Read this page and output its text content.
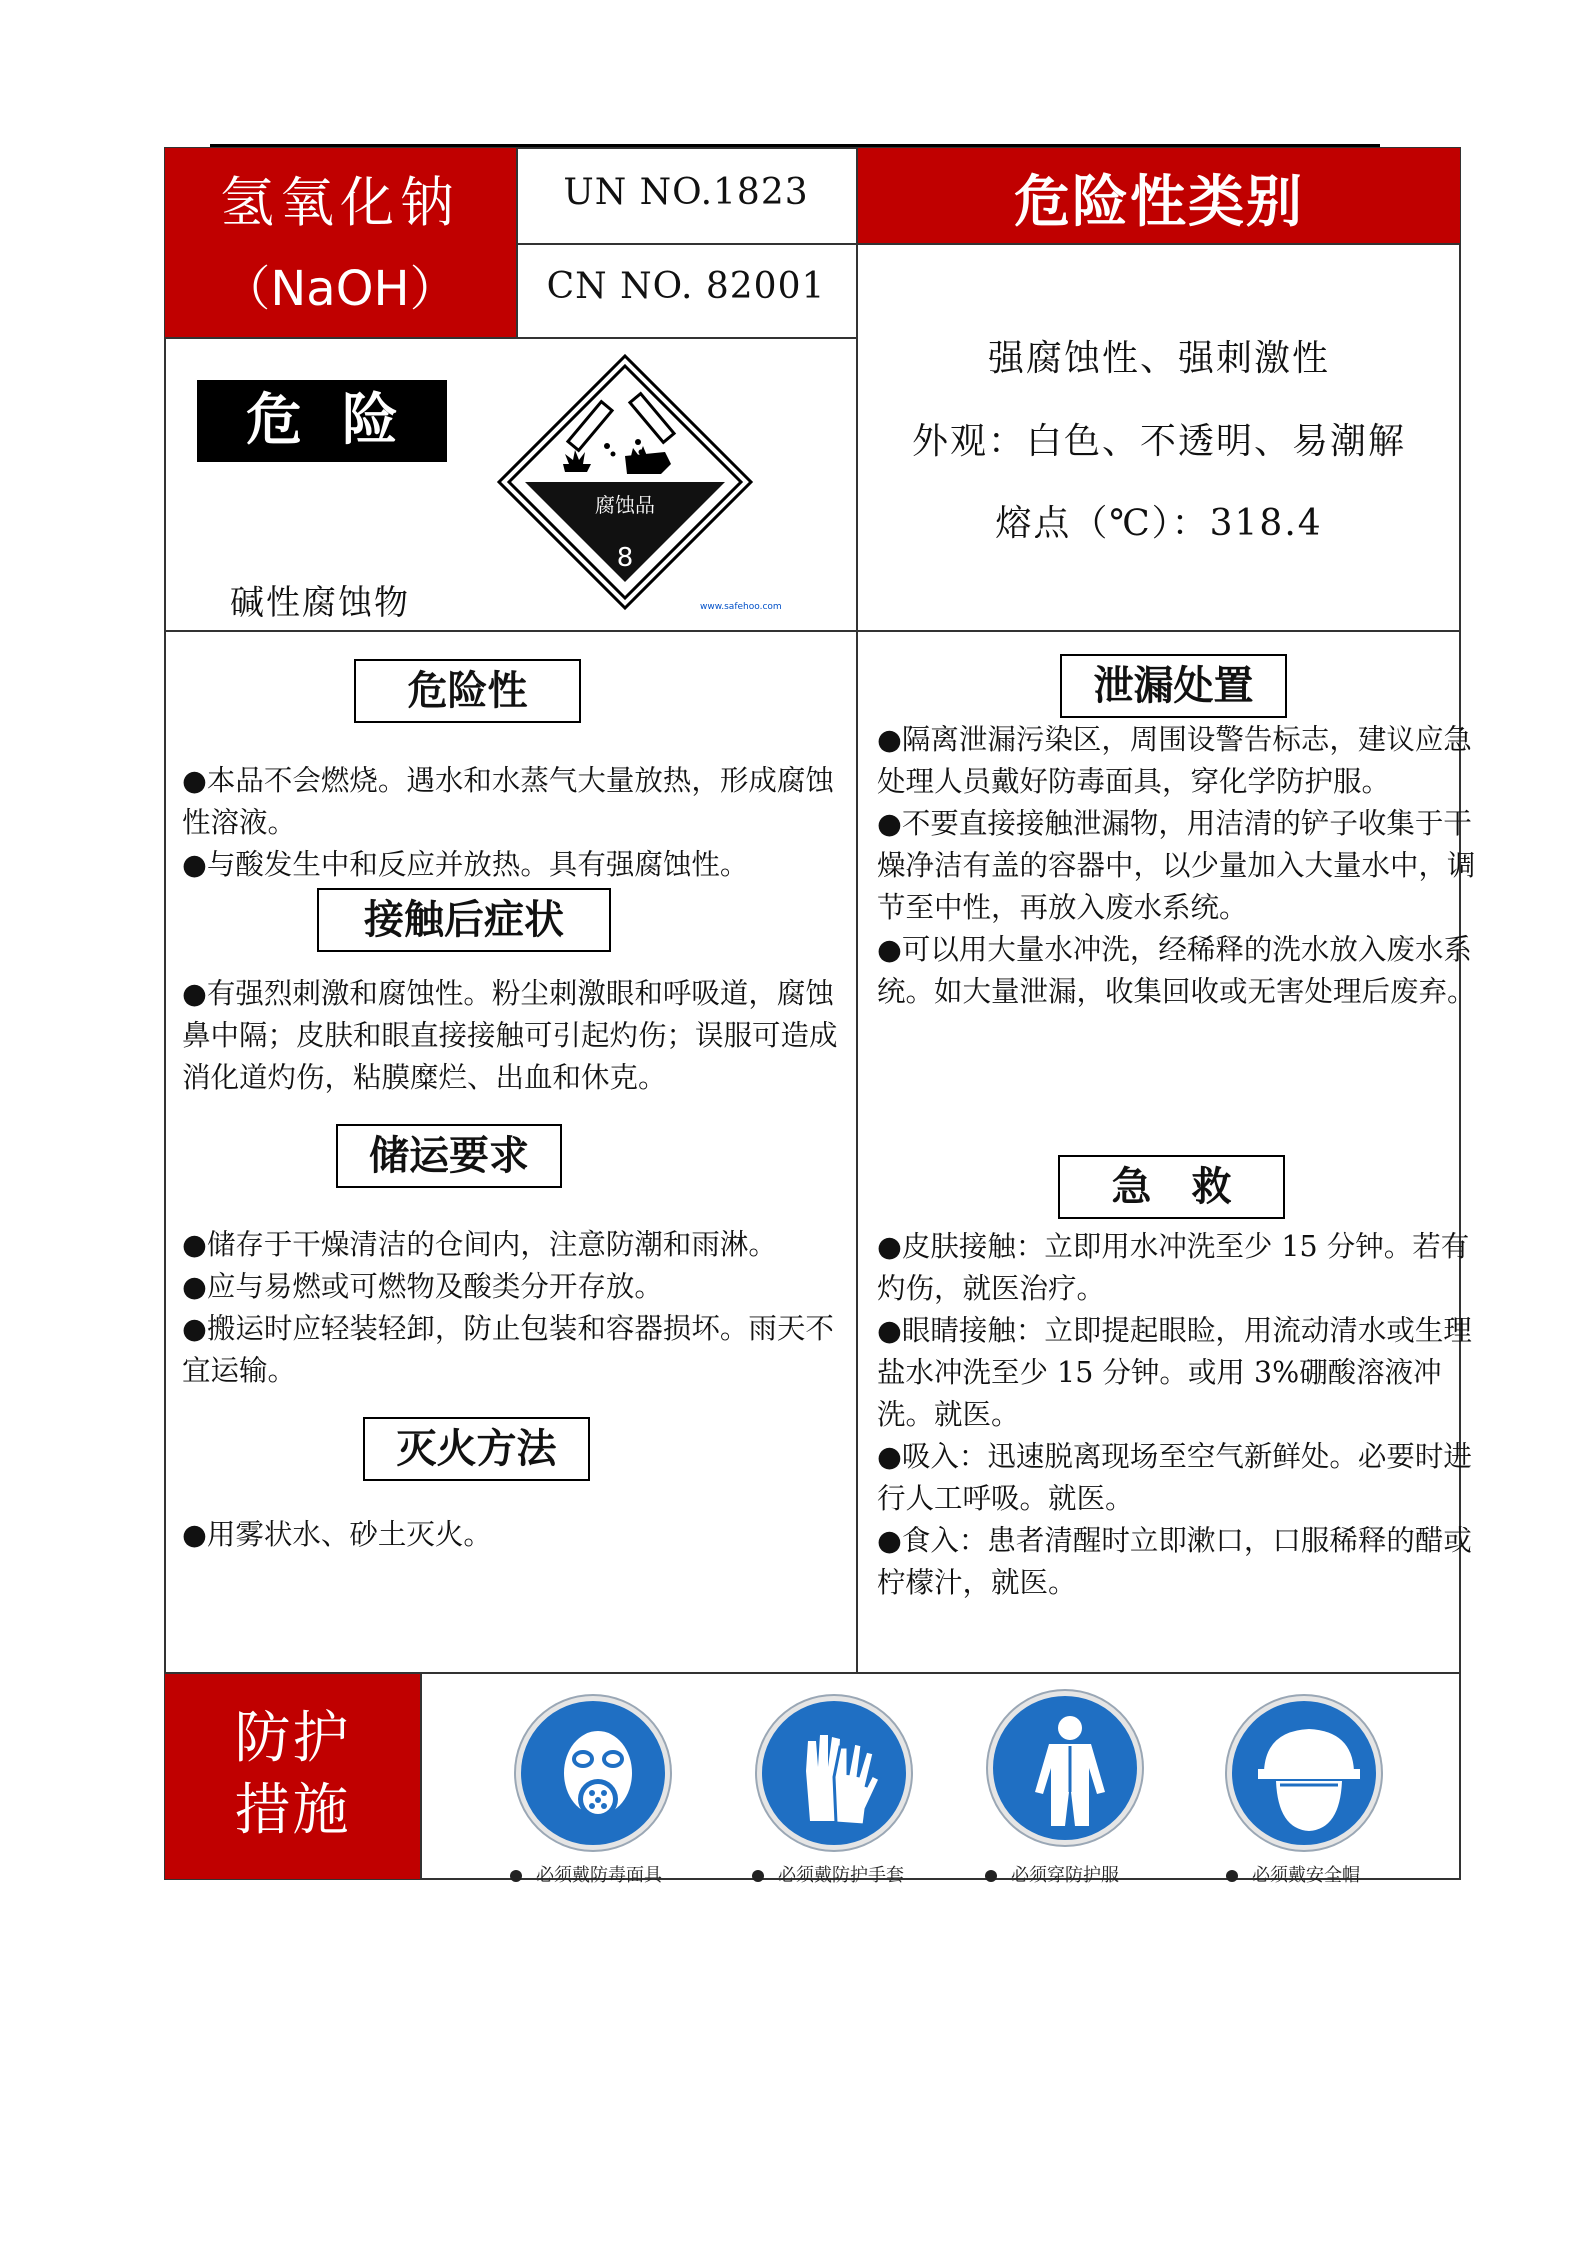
氢氧化钠
（NaOH）
UN NO.1823
CN NO. 82001
危险性类别
危险
碱性腐蚀物
腐蚀品
8
www.safehoo.com
强腐蚀性、强刺激性
外观：白色、不透明、易潮解
熔点（℃）：318.4
危险性
●本品不会燃烧。遇水和水蒸气大量放热，形成腐蚀性溶液。
●与酸发生中和反应并放热。具有强腐蚀性。
接触后症状
●有强烈刺激和腐蚀性。粉尘刺激眼和呼吸道，腐蚀鼻中隔；皮肤和眼直接接触可引起灼伤；误服可造成消化道灼伤，粘膜糜烂、出血和休克。
储运要求
●储存于干燥清洁的仓间内，注意防潮和雨淋。
●应与易燃或可燃物及酸类分开存放。
●搬运时应轻装轻卸，防止包装和容器损坏。雨天不宜运输。
灭火方法
●用雾状水、砂土灭火。
泄漏处置
●隔离泄漏污染区，周围设警告标志，建议应急处理人员戴好防毒面具，穿化学防护服。
●不要直接接触泄漏物，用洁清的铲子收集于干燥净洁有盖的容器中，以少量加入大量水中，调节至中性，再放入废水系统。
●可以用大量水冲洗，经稀释的洗水放入废水系统。如大量泄漏，收集回收或无害处理后废弃。
急　救
●皮肤接触：立即用水冲洗至少 15 分钟。若有灼伤，就医治疗。
●眼睛接触：立即提起眼睑，用流动清水或生理盐水冲洗至少 15 分钟。或用 3%硼酸溶液冲洗。就医。
●吸入：迅速脱离现场至空气新鲜处。必要时进行人工呼吸。就医。
●食入：患者清醒时立即漱口，口服稀释的醋或柠檬汁，就医。
防护
措施
必须戴防毒面具	必须戴防护手套	必须穿防护服	必须戴安全帽
